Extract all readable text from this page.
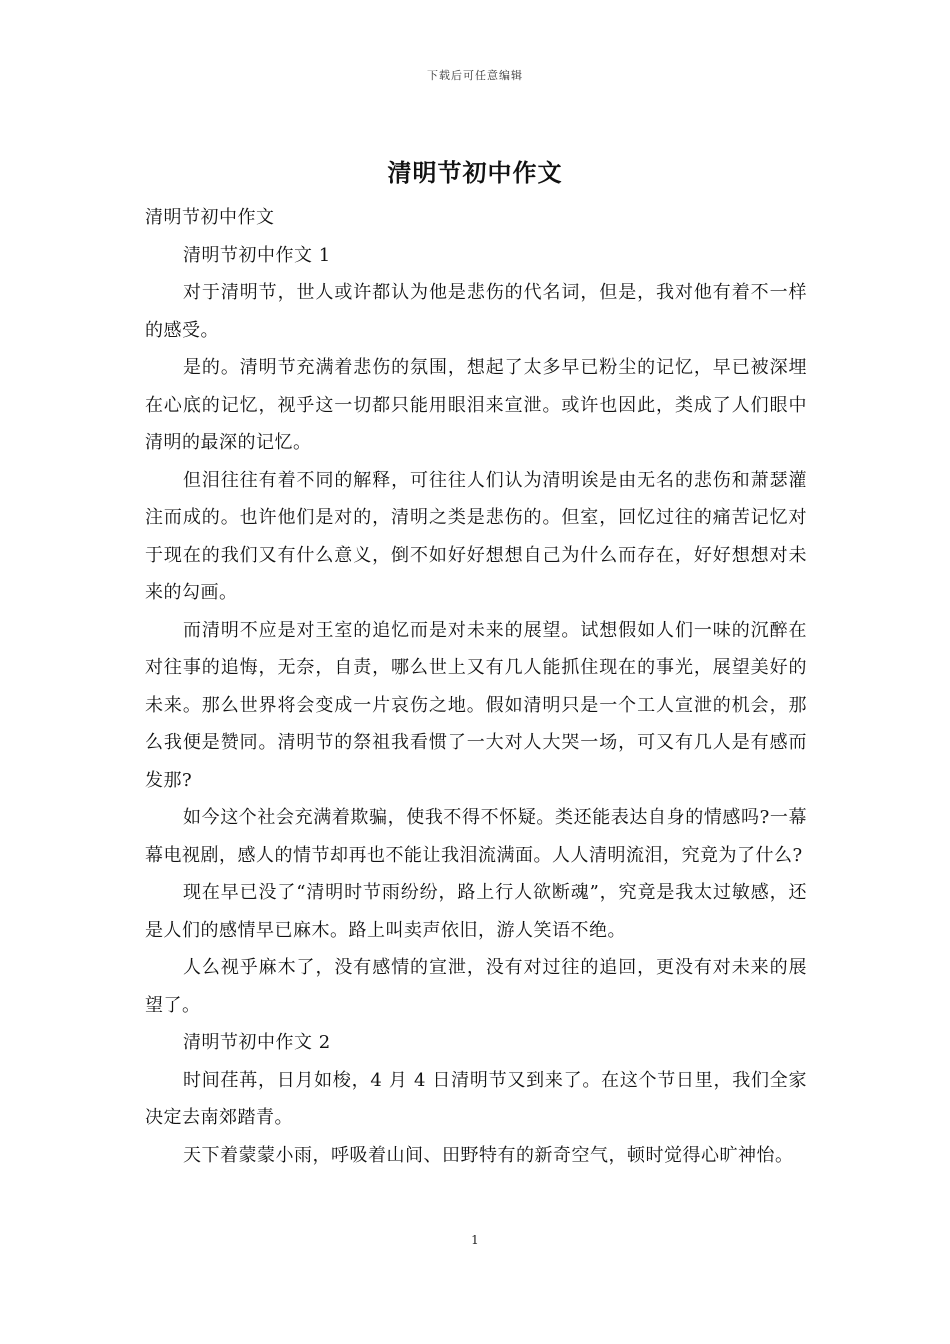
下载后可任意编辑
清明节初中作文

清明节初中作文

清明节初中作文 1

对于清明节，世人或许都认为他是悲伤的代名词，但是，我对他有着不一样的感受。

是的。清明节充满着悲伤的氛围，想起了太多早已粉尘的记忆，早已被深埋在心底的记忆，视乎这一切都只能用眼泪来宣泄。或许也因此，类成了人们眼中清明的最深的记忆。

但泪往往有着不同的解释，可往往人们认为清明诶是由无名的悲伤和萧瑟灌注而成的。也许他们是对的，清明之类是悲伤的。但室，回忆过往的痛苦记忆对于现在的我们又有什么意义，倒不如好好想想自己为什么而存在，好好想想对未来的勾画。

而清明不应是对王室的追忆而是对未来的展望。试想假如人们一味的沉醉在对往事的追悔，无奈，自责，哪么世上又有几人能抓住现在的事光，展望美好的未来。那么世界将会变成一片哀伤之地。假如清明只是一个工人宣泄的机会，那么我便是赞同。清明节的祭祖我看惯了一大对人大哭一场，可又有几人是有感而发那?

如今这个社会充满着欺骗，使我不得不怀疑。类还能表达自身的情感吗?一幕幕电视剧，感人的情节却再也不能让我泪流满面。人人清明流泪，究竟为了什么?

现在早已没了“清明时节雨纷纷，路上行人欲断魂”，究竟是我太过敏感，还是人们的感情早已麻木。路上叫卖声依旧，游人笑语不绝。

人么视乎麻木了，没有感情的宣泄，没有对过往的追回，更没有对未来的展望了。

清明节初中作文 2

时间荏苒，日月如梭，4 月 4 日清明节又到来了。在这个节日里，我们全家决定去南郊踏青。

天下着蒙蒙小雨，呼吸着山间、田野特有的新奇空气，顿时觉得心旷神怡。

1
